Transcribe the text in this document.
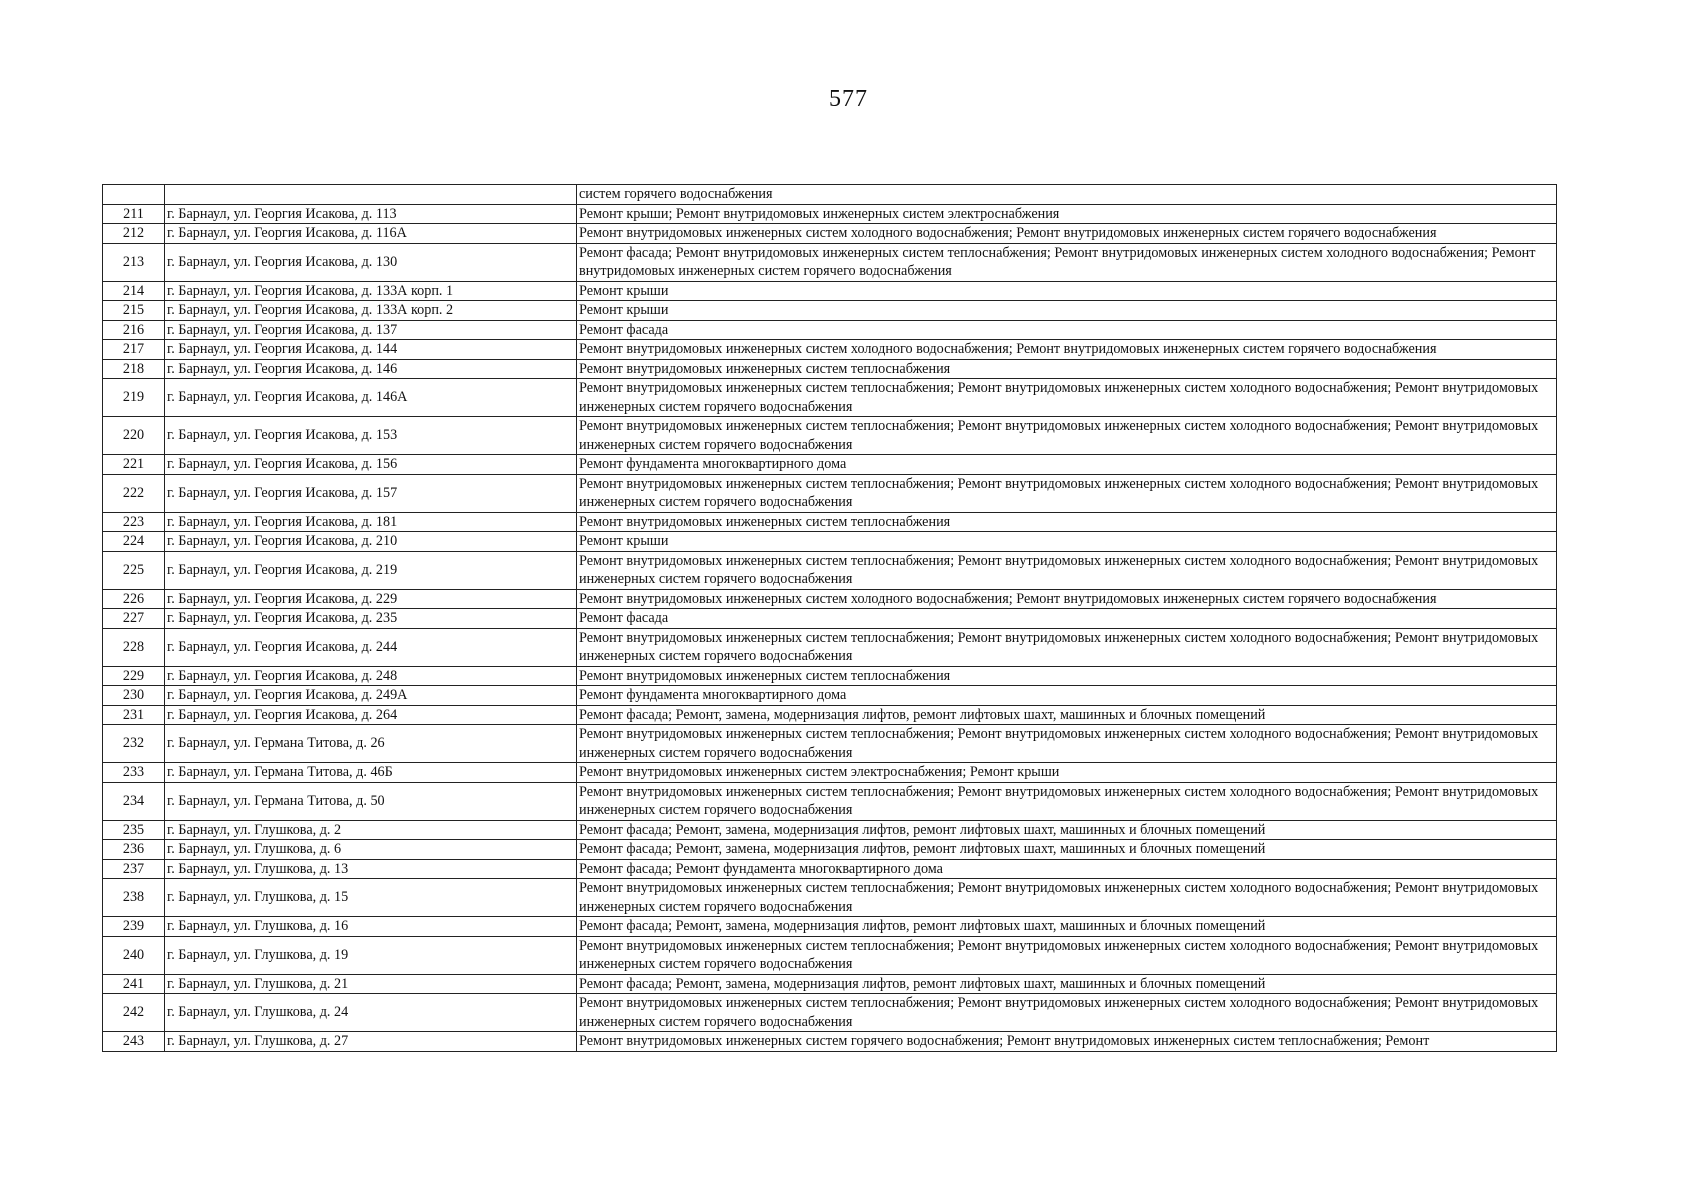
577
		систем горячего водоснабжения
211	г. Барнаул, ул. Георгия Исакова, д. 113	Ремонт крыши; Ремонт внутридомовых инженерных систем электроснабжения
212	г. Барнаул, ул. Георгия Исакова, д. 116А	Ремонт внутридомовых инженерных систем холодного водоснабжения; Ремонт внутридомовых инженерных систем горячего водоснабжения
213	г. Барнаул, ул. Георгия Исакова, д. 130	Ремонт фасада; Ремонт внутридомовых инженерных систем теплоснабжения; Ремонт внутридомовых инженерных систем холодного водоснабжения; Ремонт внутридомовых инженерных систем горячего водоснабжения
214	г. Барнаул, ул. Георгия Исакова, д. 133А корп. 1	Ремонт крыши
215	г. Барнаул, ул. Георгия Исакова, д. 133А корп. 2	Ремонт крыши
216	г. Барнаул, ул. Георгия Исакова, д. 137	Ремонт фасада
217	г. Барнаул, ул. Георгия Исакова, д. 144	Ремонт внутридомовых инженерных систем холодного водоснабжения; Ремонт внутридомовых инженерных систем горячего водоснабжения
218	г. Барнаул, ул. Георгия Исакова, д. 146	Ремонт внутридомовых инженерных систем теплоснабжения
219	г. Барнаул, ул. Георгия Исакова, д. 146А	Ремонт внутридомовых инженерных систем теплоснабжения; Ремонт внутридомовых инженерных систем холодного водоснабжения; Ремонт внутридомовых инженерных систем горячего водоснабжения
220	г. Барнаул, ул. Георгия Исакова, д. 153	Ремонт внутридомовых инженерных систем теплоснабжения; Ремонт внутридомовых инженерных систем холодного водоснабжения; Ремонт внутридомовых инженерных систем горячего водоснабжения
221	г. Барнаул, ул. Георгия Исакова, д. 156	Ремонт фундамента многоквартирного дома
222	г. Барнаул, ул. Георгия Исакова, д. 157	Ремонт внутридомовых инженерных систем теплоснабжения; Ремонт внутридомовых инженерных систем холодного водоснабжения; Ремонт внутридомовых инженерных систем горячего водоснабжения
223	г. Барнаул, ул. Георгия Исакова, д. 181	Ремонт внутридомовых инженерных систем теплоснабжения
224	г. Барнаул, ул. Георгия Исакова, д. 210	Ремонт крыши
225	г. Барнаул, ул. Георгия Исакова, д. 219	Ремонт внутридомовых инженерных систем теплоснабжения; Ремонт внутридомовых инженерных систем холодного водоснабжения; Ремонт внутридомовых инженерных систем горячего водоснабжения
226	г. Барнаул, ул. Георгия Исакова, д. 229	Ремонт внутридомовых инженерных систем холодного водоснабжения; Ремонт внутридомовых инженерных систем горячего водоснабжения
227	г. Барнаул, ул. Георгия Исакова, д. 235	Ремонт фасада
228	г. Барнаул, ул. Георгия Исакова, д. 244	Ремонт внутридомовых инженерных систем теплоснабжения; Ремонт внутридомовых инженерных систем холодного водоснабжения; Ремонт внутридомовых инженерных систем горячего водоснабжения
229	г. Барнаул, ул. Георгия Исакова, д. 248	Ремонт внутридомовых инженерных систем теплоснабжения
230	г. Барнаул, ул. Георгия Исакова, д. 249А	Ремонт фундамента многоквартирного дома
231	г. Барнаул, ул. Георгия Исакова, д. 264	Ремонт фасада; Ремонт, замена, модернизация лифтов, ремонт лифтовых шахт, машинных и блочных помещений
232	г. Барнаул, ул. Германа Титова, д. 26	Ремонт внутридомовых инженерных систем теплоснабжения; Ремонт внутридомовых инженерных систем холодного водоснабжения; Ремонт внутридомовых инженерных систем горячего водоснабжения
233	г. Барнаул, ул. Германа Титова, д. 46Б	Ремонт внутридомовых инженерных систем электроснабжения; Ремонт крыши
234	г. Барнаул, ул. Германа Титова, д. 50	Ремонт внутридомовых инженерных систем теплоснабжения; Ремонт внутридомовых инженерных систем холодного водоснабжения; Ремонт внутридомовых инженерных систем горячего водоснабжения
235	г. Барнаул, ул. Глушкова, д. 2	Ремонт фасада; Ремонт, замена, модернизация лифтов, ремонт лифтовых шахт, машинных и блочных помещений
236	г. Барнаул, ул. Глушкова, д. 6	Ремонт фасада; Ремонт, замена, модернизация лифтов, ремонт лифтовых шахт, машинных и блочных помещений
237	г. Барнаул, ул. Глушкова, д. 13	Ремонт фасада; Ремонт фундамента многоквартирного дома
238	г. Барнаул, ул. Глушкова, д. 15	Ремонт внутридомовых инженерных систем теплоснабжения; Ремонт внутридомовых инженерных систем холодного водоснабжения; Ремонт внутридомовых инженерных систем горячего водоснабжения
239	г. Барнаул, ул. Глушкова, д. 16	Ремонт фасада; Ремонт, замена, модернизация лифтов, ремонт лифтовых шахт, машинных и блочных помещений
240	г. Барнаул, ул. Глушкова, д. 19	Ремонт внутридомовых инженерных систем теплоснабжения; Ремонт внутридомовых инженерных систем холодного водоснабжения; Ремонт внутридомовых инженерных систем горячего водоснабжения
241	г. Барнаул, ул. Глушкова, д. 21	Ремонт фасада; Ремонт, замена, модернизация лифтов, ремонт лифтовых шахт, машинных и блочных помещений
242	г. Барнаул, ул. Глушкова, д. 24	Ремонт внутридомовых инженерных систем теплоснабжения; Ремонт внутридомовых инженерных систем холодного водоснабжения; Ремонт внутридомовых инженерных систем горячего водоснабжения
243	г. Барнаул, ул. Глушкова, д. 27	Ремонт внутридомовых инженерных систем горячего водоснабжения; Ремонт внутридомовых инженерных систем теплоснабжения; Ремонт
